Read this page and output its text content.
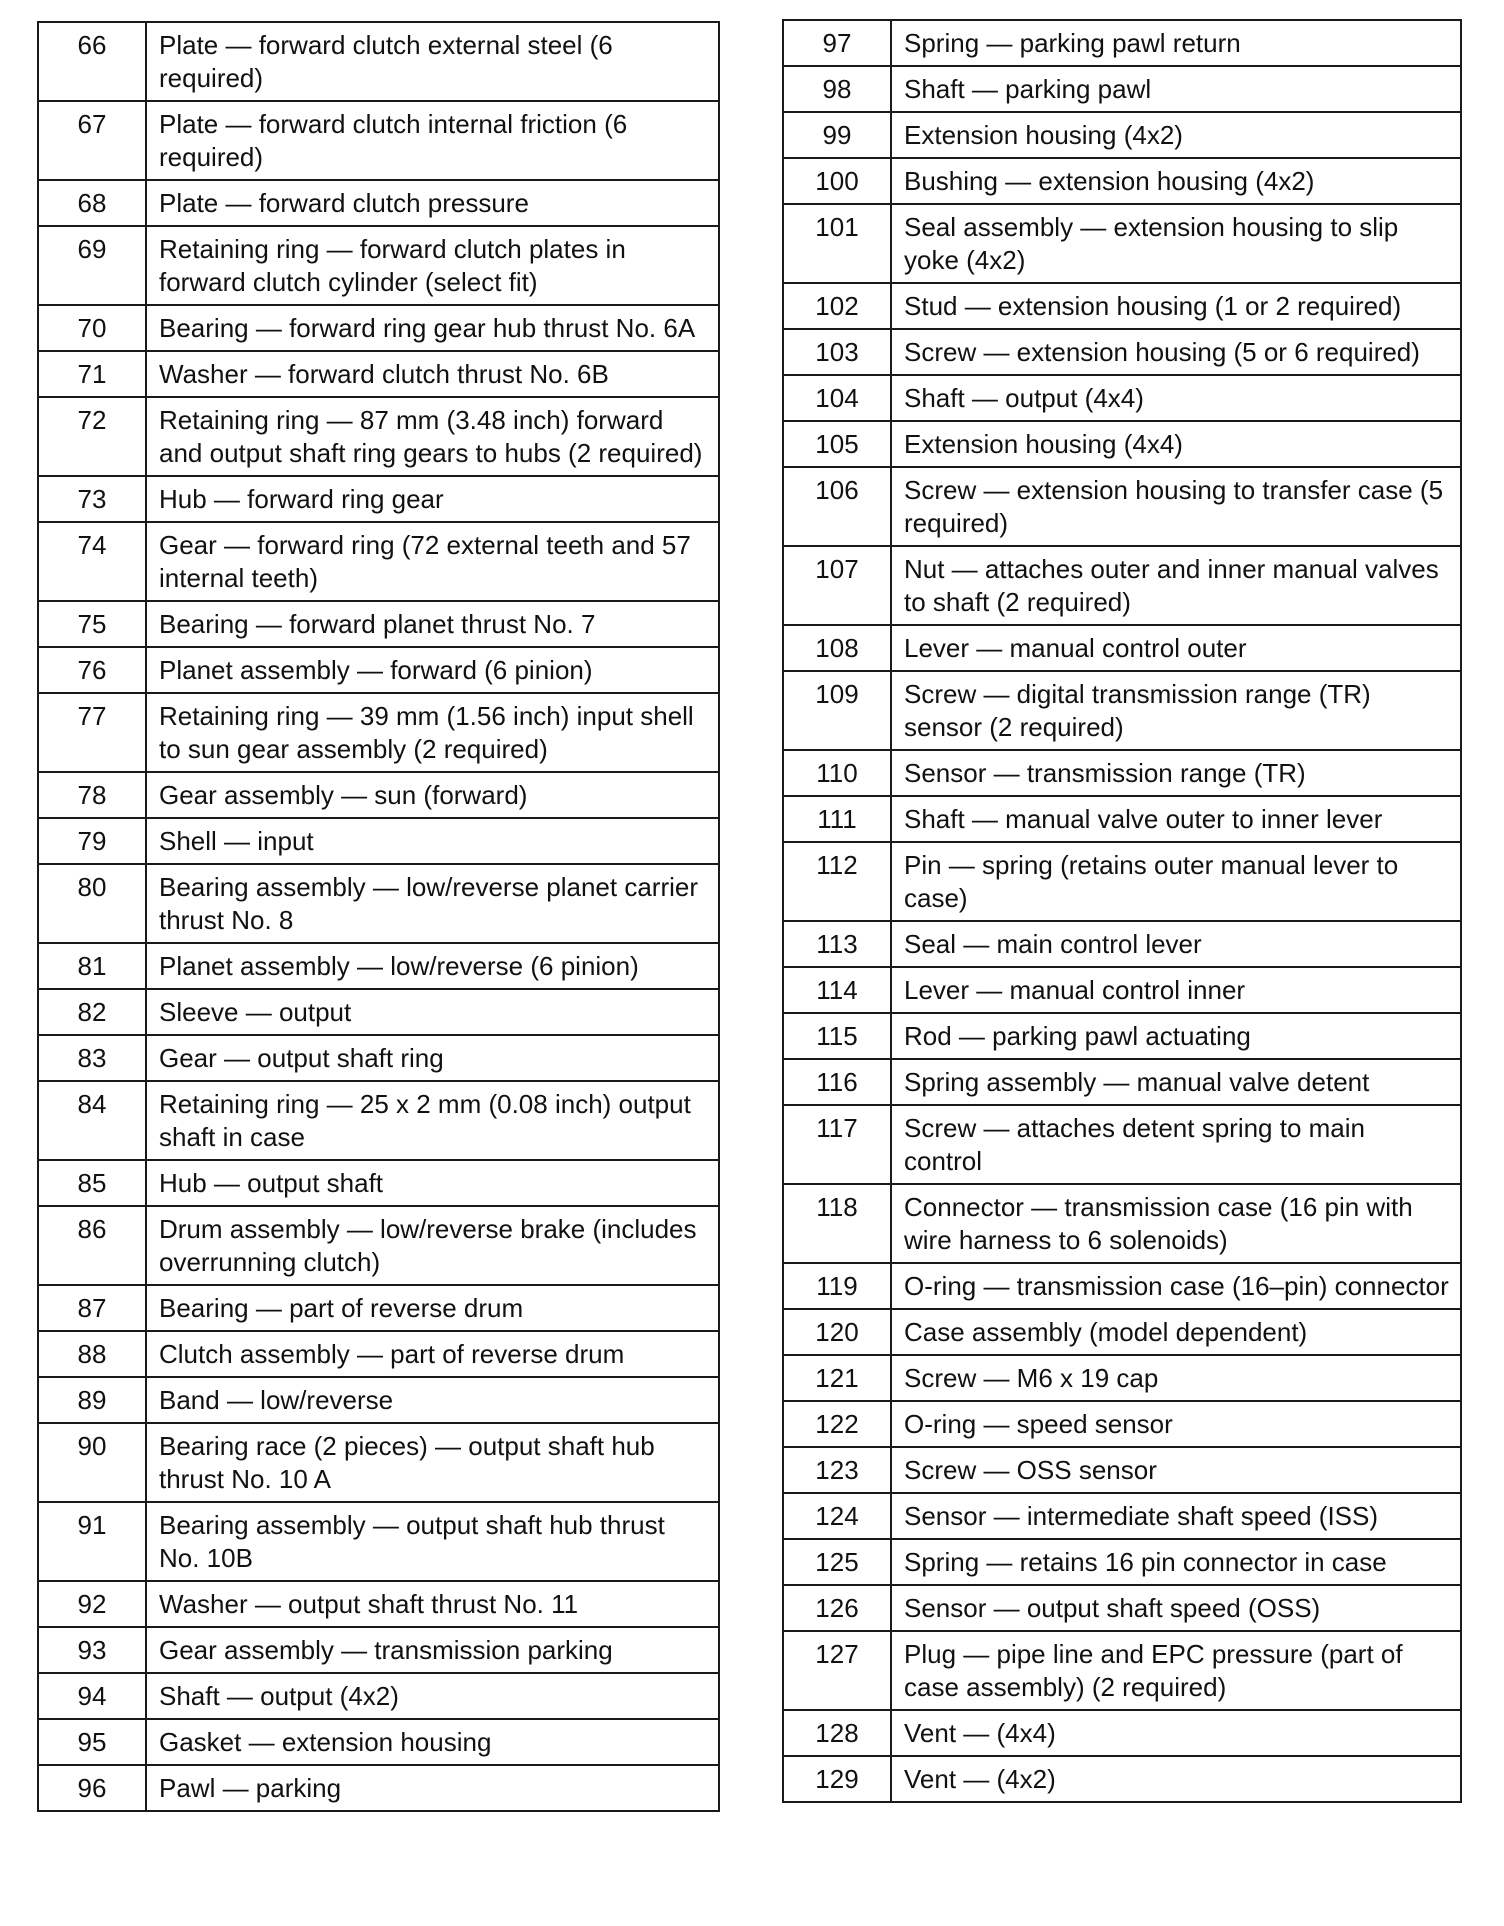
66	Plate — forward clutch external steel (6 required)
67	Plate — forward clutch internal friction (6 required)
68	Plate — forward clutch pressure
69	Retaining ring — forward clutch plates in forward clutch cylinder (select fit)
70	Bearing — forward ring gear hub thrust No. 6A
71	Washer — forward clutch thrust No. 6B
72	Retaining ring — 87 mm (3.48 inch) forward and output shaft ring gears to hubs (2 required)
73	Hub — forward ring gear
74	Gear — forward ring (72 external teeth and 57 internal teeth)
75	Bearing — forward planet thrust No. 7
76	Planet assembly — forward (6 pinion)
77	Retaining ring — 39 mm (1.56 inch) input shell to sun gear assembly (2 required)
78	Gear assembly — sun (forward)
79	Shell — input
80	Bearing assembly — low/reverse planet carrier thrust No. 8
81	Planet assembly — low/reverse (6 pinion)
82	Sleeve — output
83	Gear — output shaft ring
84	Retaining ring — 25 x 2 mm (0.08 inch) output shaft in case
85	Hub — output shaft
86	Drum assembly — low/reverse brake (includes overrunning clutch)
87	Bearing — part of reverse drum
88	Clutch assembly — part of reverse drum
89	Band — low/reverse
90	Bearing race (2 pieces) — output shaft hub thrust No. 10 A
91	Bearing assembly — output shaft hub thrust No. 10B
92	Washer — output shaft thrust No. 11
93	Gear assembly — transmission parking
94	Shaft — output (4x2)
95	Gasket — extension housing
96	Pawl — parking
97	Spring — parking pawl return
98	Shaft — parking pawl
99	Extension housing (4x2)
100	Bushing — extension housing (4x2)
101	Seal assembly — extension housing to slip yoke (4x2)
102	Stud — extension housing (1 or 2 required)
103	Screw — extension housing (5 or 6 required)
104	Shaft — output (4x4)
105	Extension housing (4x4)
106	Screw — extension housing to transfer case (5 required)
107	Nut — attaches outer and inner manual valves to shaft (2 required)
108	Lever — manual control outer
109	Screw — digital transmission range (TR) sensor (2 required)
110	Sensor — transmission range (TR)
111	Shaft — manual valve outer to inner lever
112	Pin — spring (retains outer manual lever to case)
113	Seal — main control lever
114	Lever — manual control inner
115	Rod — parking pawl actuating
116	Spring assembly — manual valve detent
117	Screw — attaches detent spring to main control
118	Connector — transmission case (16 pin with wire harness to 6 solenoids)
119	O-ring — transmission case (16–pin) connector
120	Case assembly (model dependent)
121	Screw — M6 x 19 cap
122	O-ring — speed sensor
123	Screw — OSS sensor
124	Sensor — intermediate shaft speed (ISS)
125	Spring — retains 16 pin connector in case
126	Sensor — output shaft speed (OSS)
127	Plug — pipe line and EPC pressure (part of case assembly) (2 required)
128	Vent — (4x4)
129	Vent — (4x2)
